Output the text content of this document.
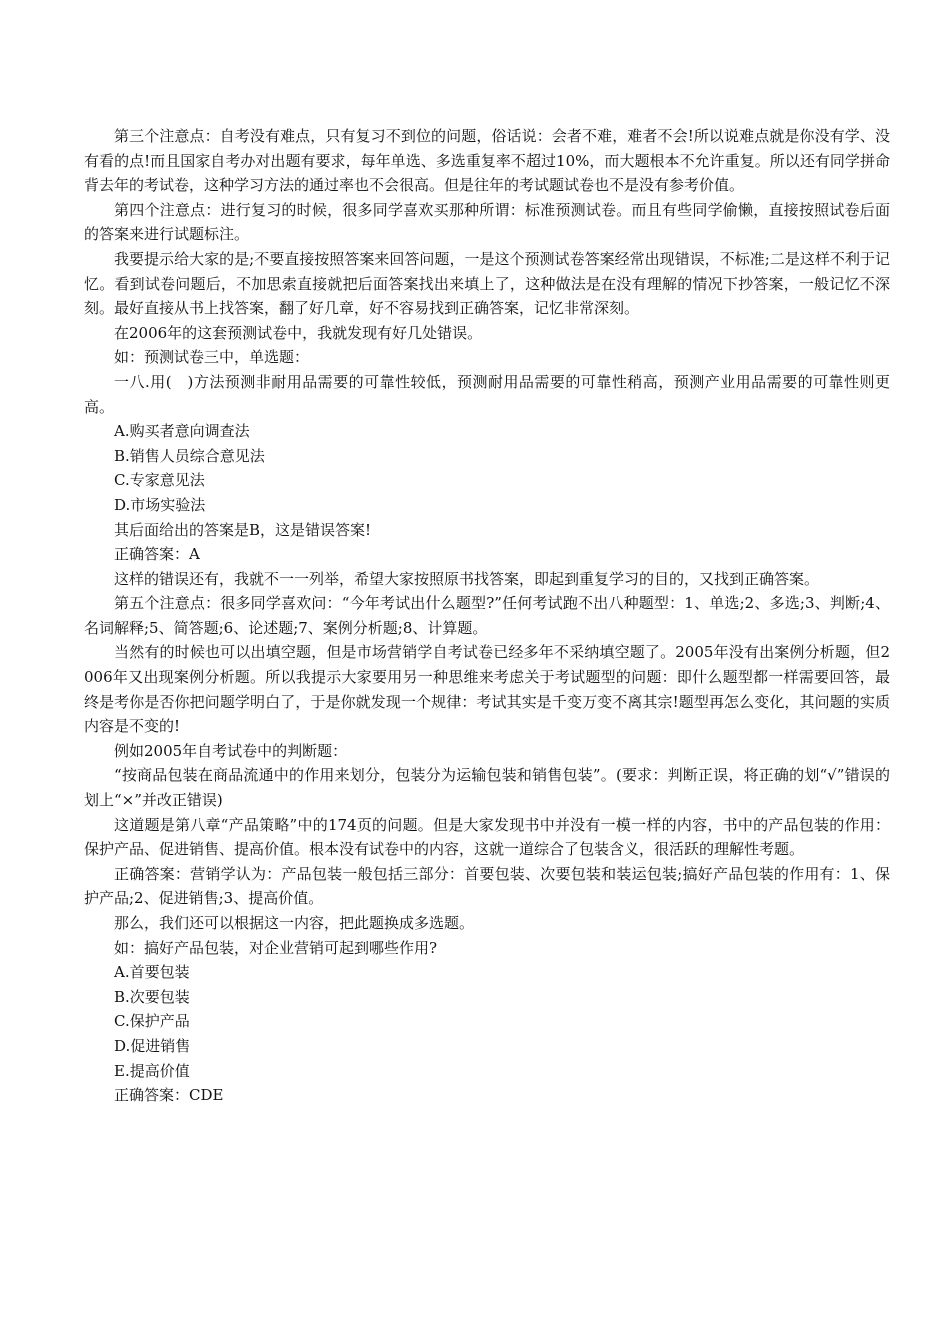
第三个注意点：自考没有难点，只有复习不到位的问题，俗话说：会者不难，难者不会!所以说难点就是你没有学、没有看的点!而且国家自考办对出题有要求，每年单选、多选重复率不超过10%，而大题根本不允许重复。所以还有同学拼命背去年的考试卷，这种学习方法的通过率也不会很高。但是往年的考试题试卷也不是没有参考价值。

第四个注意点：进行复习的时候，很多同学喜欢买那种所谓：标准预测试卷。而且有些同学偷懒，直接按照试卷后面的答案来进行试题标注。

我要提示给大家的是;不要直接按照答案来回答问题，一是这个预测试卷答案经常出现错误，不标准;二是这样不利于记忆。看到试卷问题后，不加思索直接就把后面答案找出来填上了，这种做法是在没有理解的情况下抄答案，一般记忆不深刻。最好直接从书上找答案，翻了好几章，好不容易找到正确答案，记忆非常深刻。

在2006年的这套预测试卷中，我就发现有好几处错误。

如：预测试卷三中，单选题：

一八.用(　)方法预测非耐用品需要的可靠性较低，预测耐用品需要的可靠性稍高，预测产业用品需要的可靠性则更高。

A.购买者意向调查法

B.销售人员综合意见法

C.专家意见法

D.市场实验法

其后面给出的答案是B，这是错误答案!

正确答案：A

这样的错误还有，我就不一一列举，希望大家按照原书找答案，即起到重复学习的目的，又找到正确答案。

第五个注意点：很多同学喜欢问：“今年考试出什么题型?”任何考试跑不出八种题型：1、单选;2、多选;3、判断;4、名词解释;5、简答题;6、论述题;7、案例分析题;8、计算题。

当然有的时候也可以出填空题，但是市场营销学自考试卷已经多年不采纳填空题了。2005年没有出案例分析题，但2006年又出现案例分析题。所以我提示大家要用另一种思维来考虑关于考试题型的问题：即什么题型都一样需要回答，最终是考你是否你把问题学明白了，于是你就发现一个规律：考试其实是千变万变不离其宗!题型再怎么变化，其问题的实质内容是不变的!

例如2005年自考试卷中的判断题：

“按商品包装在商品流通中的作用来划分，包装分为运输包装和销售包装”。(要求：判断正误，将正确的划“√”错误的划上“×”并改正错误)

这道题是第八章“产品策略”中的174页的问题。但是大家发现书中并没有一模一样的内容，书中的产品包装的作用：保护产品、促进销售、提高价值。根本没有试卷中的内容，这就一道综合了包装含义，很活跃的理解性考题。

正确答案：营销学认为：产品包装一般包括三部分：首要包装、次要包装和装运包装;搞好产品包装的作用有：1、保护产品;2、促进销售;3、提高价值。

那么，我们还可以根据这一内容，把此题换成多选题。

如：搞好产品包装，对企业营销可起到哪些作用?

A.首要包装

B.次要包装

C.保护产品

D.促进销售

E.提高价值

正确答案：CDE
